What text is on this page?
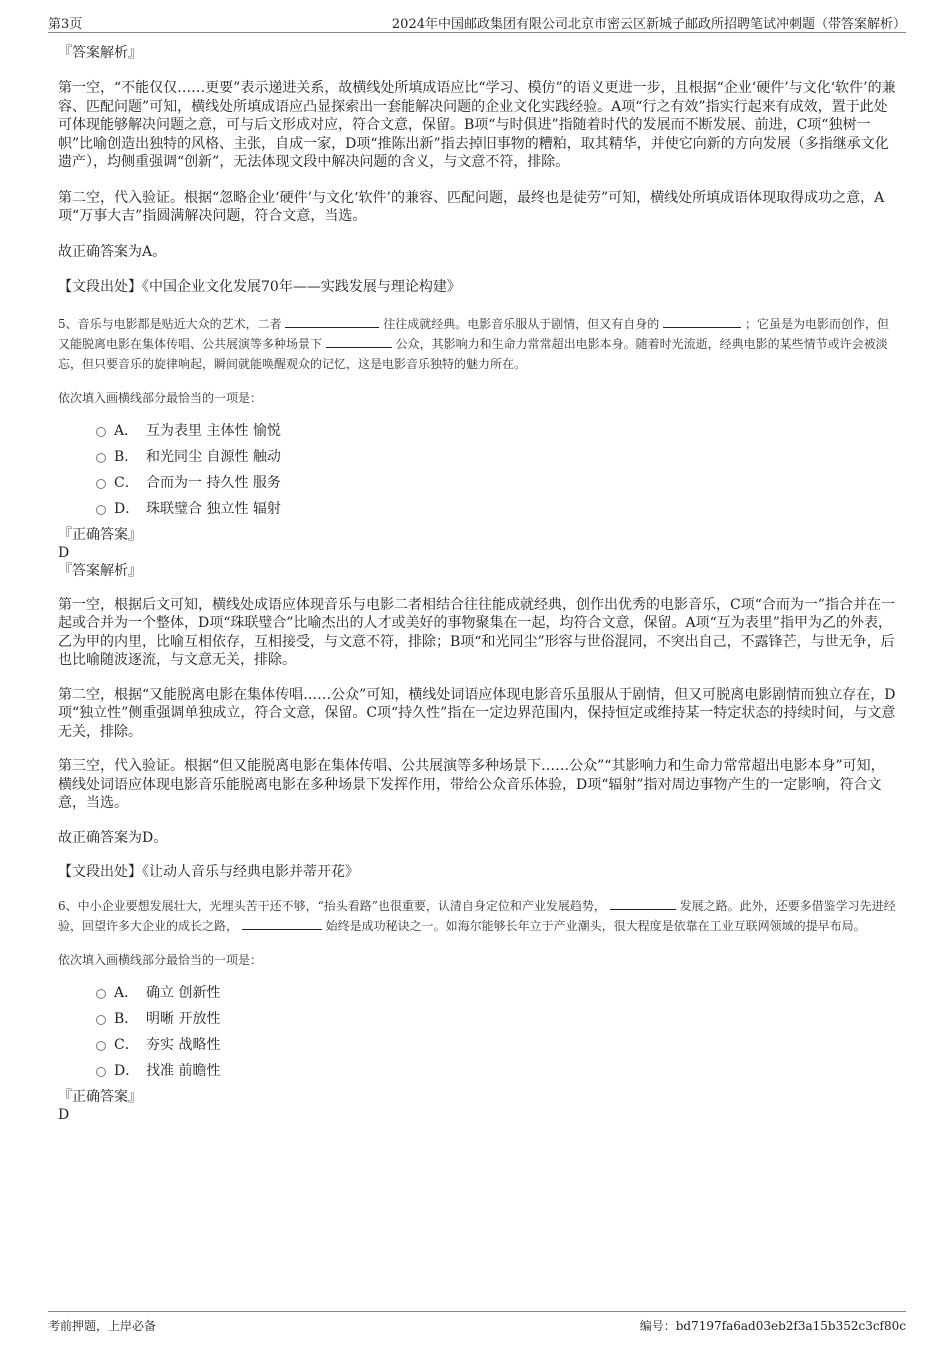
第3页	2024年中国邮政集团有限公司北京市密云区新城子邮政所招聘笔试冲刺题（带答案解析）

『答案解析』

第一空，“不能仅仅……更要”表示递进关系，故横线处所填成语应比“学习、模仿”的语义更进一步，且根据“企业‘硬件’与文化‘软件’的兼容、匹配问题”可知，横线处所填成语应凸显探索出一套能解决问题的企业文化实践经验。A项“行之有效”指实行起来有成效，置于此处可体现能够解决问题之意，可与后文形成对应，符合文意，保留。B项“与时俱进”指随着时代的发展而不断发展、前进，C项“独树一帜”比喻创造出独特的风格、主张，自成一家，D项“推陈出新”指去掉旧事物的糟粕，取其精华，并使它向新的方向发展（多指继承文化遗产），均侧重强调“创新”，无法体现文段中解决问题的含义，与文意不符，排除。

第二空，代入验证。根据“忽略企业‘硬件’与文化‘软件’的兼容、匹配问题，最终也是徒劳”可知，横线处所填成语体现取得成功之意，A项“万事大吉”指圆满解决问题，符合文意，当选。

故正确答案为A。

【文段出处】《中国企业文化发展70年——实践发展与理论构建》

5、音乐与电影都是贴近大众的艺术，二者	往往成就经典。电影音乐服从于剧情，但又有自身的	；它虽是为电影而创作，但又能脱离电影在集体传唱、公共展演等多种场景下	公众，其影响力和生命力常常超出电影本身。随着时光流逝，经典电影的某些情节或许会被淡忘，但只要音乐的旋律响起，瞬间就能唤醒观众的记忆，这是电影音乐独特的魅力所在。

依次填入画横线部分最恰当的一项是：

A． 互为表里 主体性 愉悦
B． 和光同尘 自源性 触动
C． 合而为一 持久性 服务
D． 珠联璧合 独立性 辐射

『正确答案』

D

『答案解析』

第一空，根据后文可知，横线处成语应体现音乐与电影二者相结合往往能成就经典，创作出优秀的电影音乐，C项“合而为一”指合并在一起或合并为一个整体，D项“珠联璧合”比喻杰出的人才或美好的事物聚集在一起，均符合文意，保留。A项“互为表里”指甲为乙的外表，乙为甲的内里，比喻互相依存，互相接受，与文意不符，排除；B项“和光同尘”形容与世俗混同，不突出自己，不露锋芒，与世无争，后也比喻随波逐流，与文意无关，排除。

第二空，根据“又能脱离电影在集体传唱……公众”可知，横线处词语应体现电影音乐虽服从于剧情，但又可脱离电影剧情而独立存在，D项“独立性”侧重强调单独成立，符合文意，保留。C项“持久性”指在一定边界范围内，保持恒定或维持某一特定状态的持续时间，与文意无关，排除。

第三空，代入验证。根据“但又能脱离电影在集体传唱、公共展演等多种场景下……公众”“其影响力和生命力常常超出电影本身”可知，横线处词语应体现电影音乐能脱离电影在多种场景下发挥作用，带给公众音乐体验，D项“辐射”指对周边事物产生的一定影响，符合文意，当选。

故正确答案为D。

【文段出处】《让动人音乐与经典电影并蒂开花》

6、中小企业要想发展壮大，光埋头苦干还不够，“抬头看路”也很重要，认清自身定位和产业发展趋势，	发展之路。此外，还要多借鉴学习先进经验，回望许多大企业的成长之路，	始终是成功秘诀之一。如海尔能够长年立于产业潮头，很大程度是依靠在工业互联网领域的提早布局。

依次填入画横线部分最恰当的一项是：

A． 确立 创新性
B． 明晰 开放性
C． 夯实 战略性
D． 找准 前瞻性

『正确答案』

D

考前押题，上岸必备	编号：bd7197fa6ad03eb2f3a15b352c3cf80c
